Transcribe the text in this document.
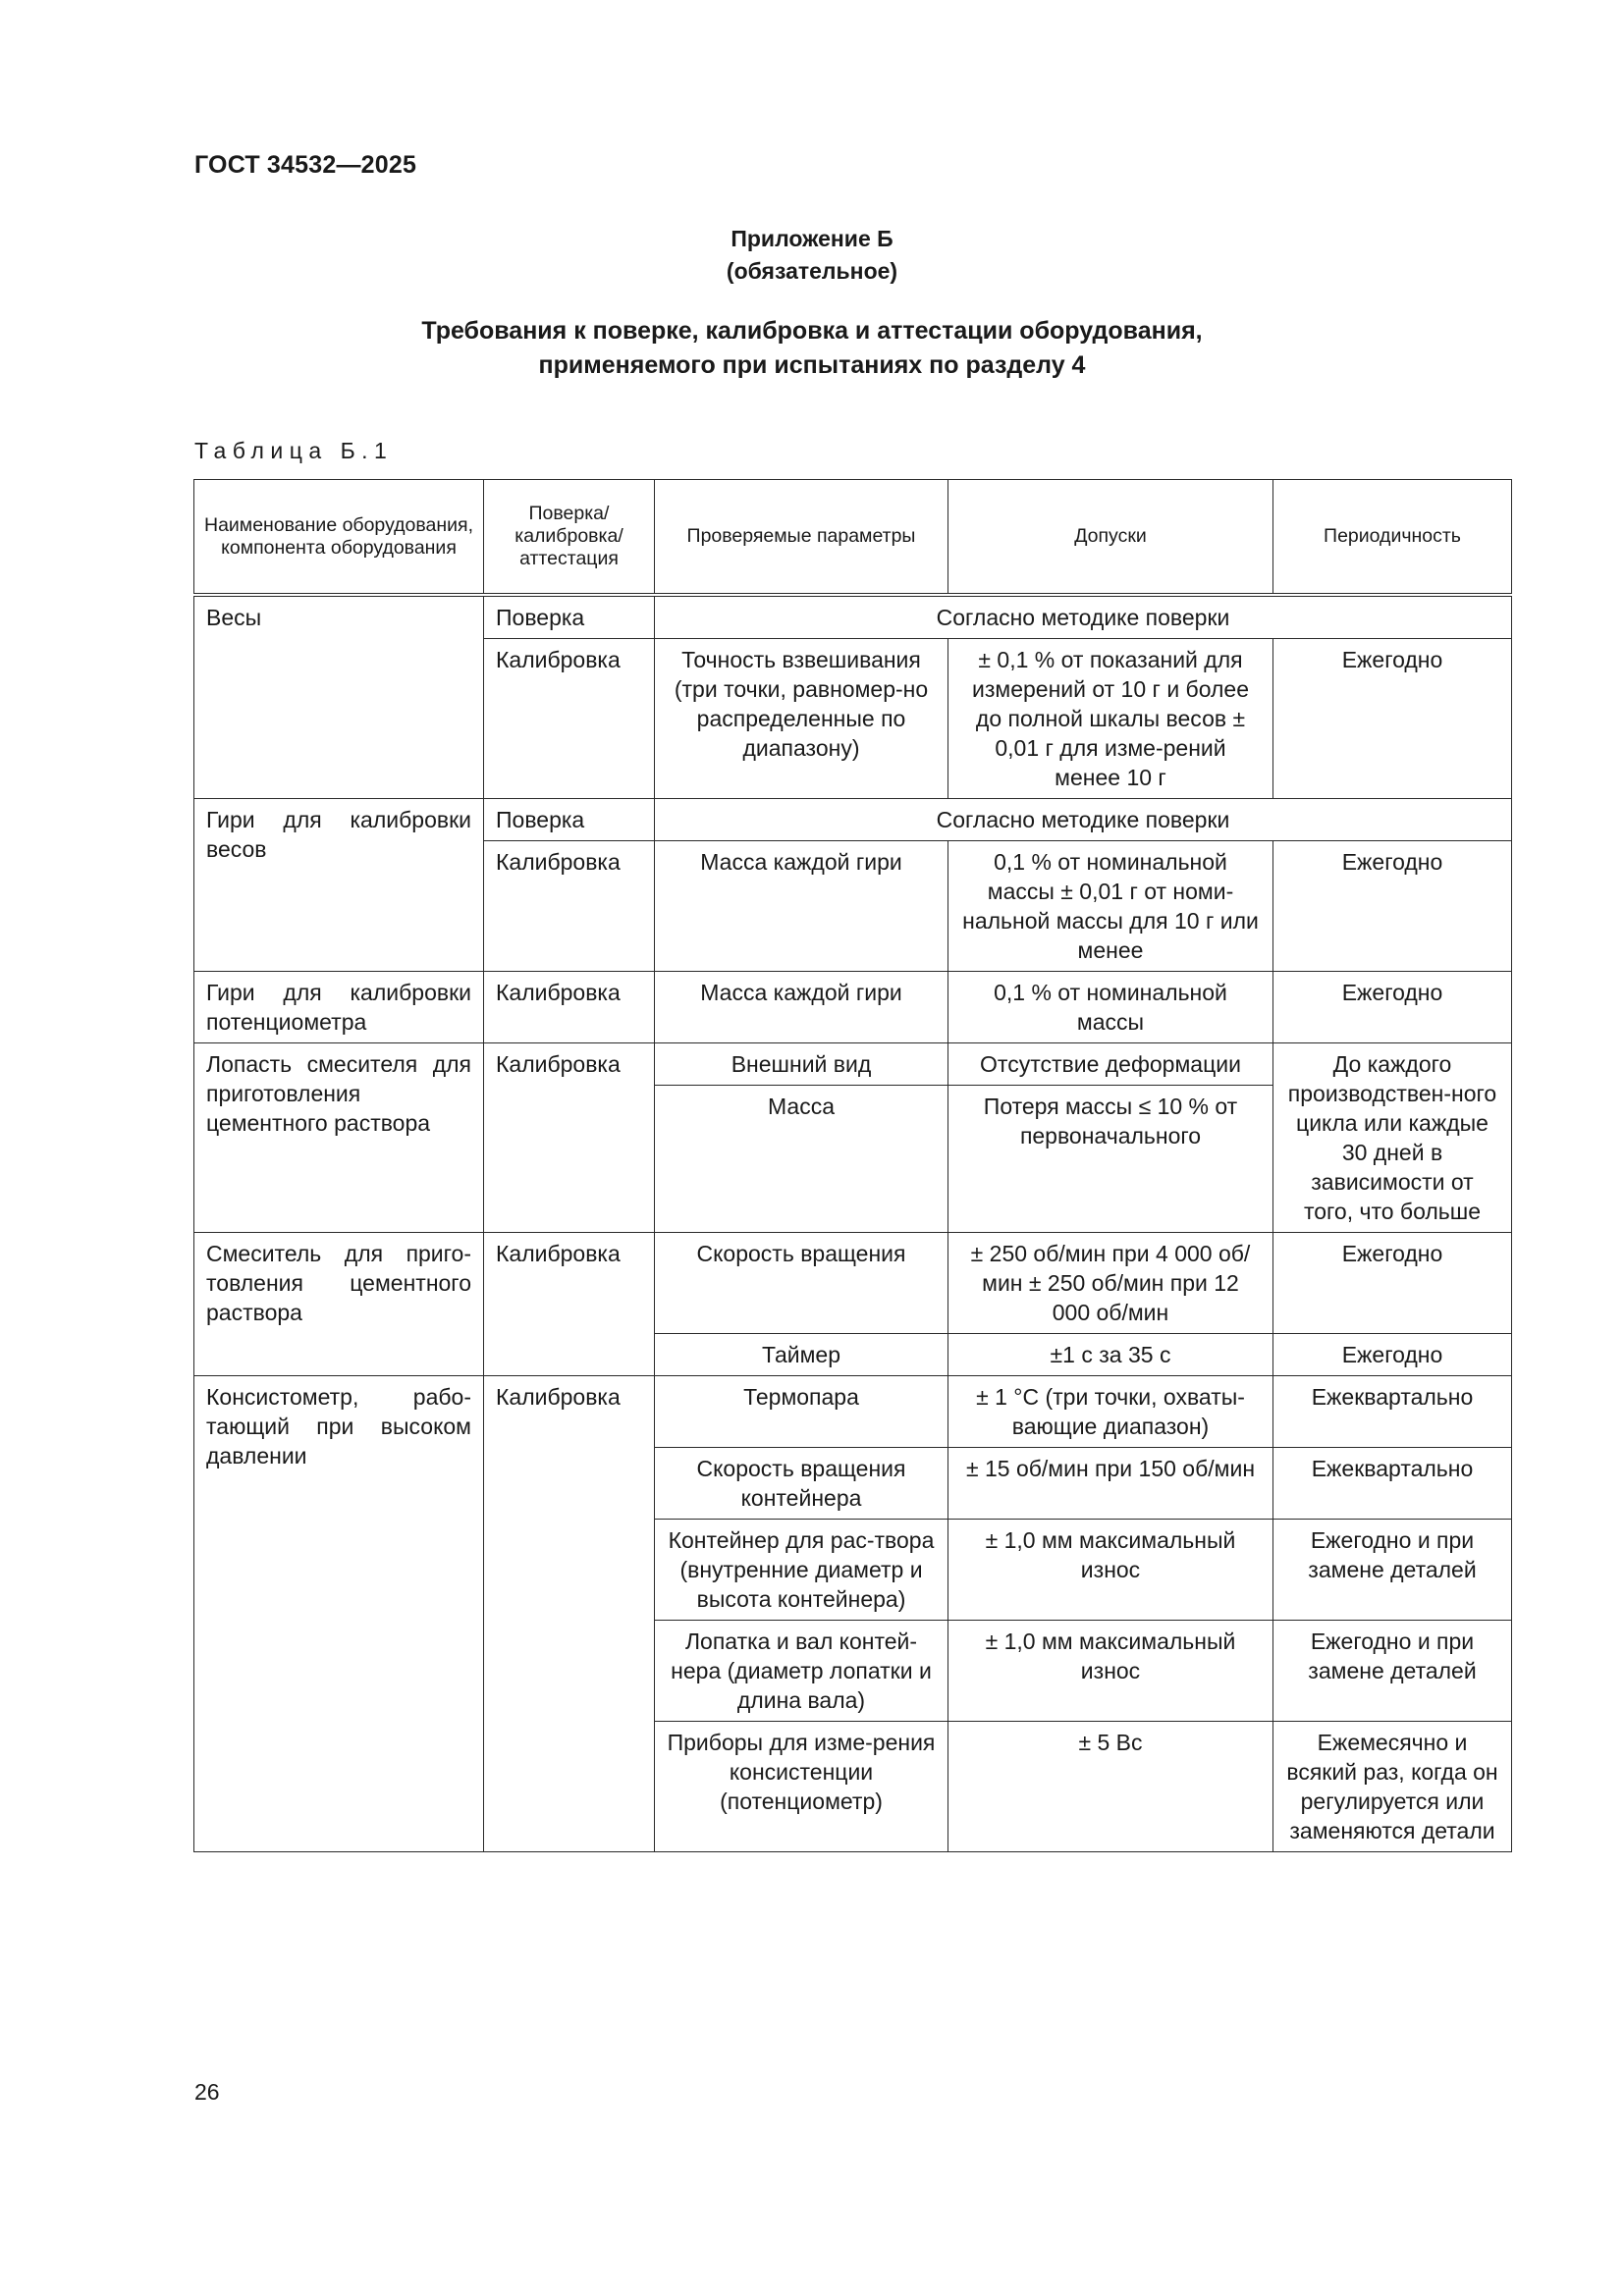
ГОСТ 34532—2025
Приложение Б
(обязательное)
Требования к поверке, калибровка и аттестации оборудования,
применяемого при испытаниях по разделу 4
Таблица Б.1
Наименование оборудования, компонента оборудования	Поверка/ калибровка/ аттестация	Проверяемые параметры	Допуски	Периодичность
Весы	Поверка	Согласно методике поверки		
	Калибровка	Точность взвешивания (три точки, равномер-но распределенные по диапазону)	± 0,1 % от показаний для измерений от 10 г и более до полной шкалы весов ± 0,01 г для изме-рений менее 10 г	Ежегодно
Гири для калибровки весов	Поверка	Согласно методике поверки		
	Калибровка	Масса каждой гири	0,1 % от номинальной массы ± 0,01 г от номи-нальной массы для 10 г или менее	Ежегодно
Гири для калибровки потенциометра	Калибровка	Масса каждой гири	0,1 % от номинальной массы	Ежегодно
Лопасть смесителя для приготовления цементного раствора	Калибровка	Внешний вид	Отсутствие деформации	До каждого производствен-ного цикла или каждые 30 дней в зависимости от того, что больше
		Масса	Потеря массы ≤ 10 % от первоначального	
Смеситель для приго-товления цементного раствора	Калибровка	Скорость вращения	± 250 об/мин при 4 000 об/мин ± 250 об/мин при 12 000 об/мин	Ежегодно
		Таймер	±1 с за 35 с	Ежегодно
Консистометр, рабо-тающий при высоком давлении	Калибровка	Термопара	± 1 °С (три точки, охваты-вающие диапазон)	Ежеквартально
		Скорость вращения контейнера	± 15 об/мин при 150 об/мин	Ежеквартально
		Контейнер для рас-твора (внутренние диаметр и высота контейнера)	± 1,0 мм максимальный износ	Ежегодно и при замене деталей
		Лопатка и вал контей-нера (диаметр лопатки и длина вала)	± 1,0 мм максимальный износ	Ежегодно и при замене деталей
		Приборы для изме-рения консистенции (потенциометр)	± 5 Вс	Ежемесячно и всякий раз, когда он регулируется или заменяются детали
26
